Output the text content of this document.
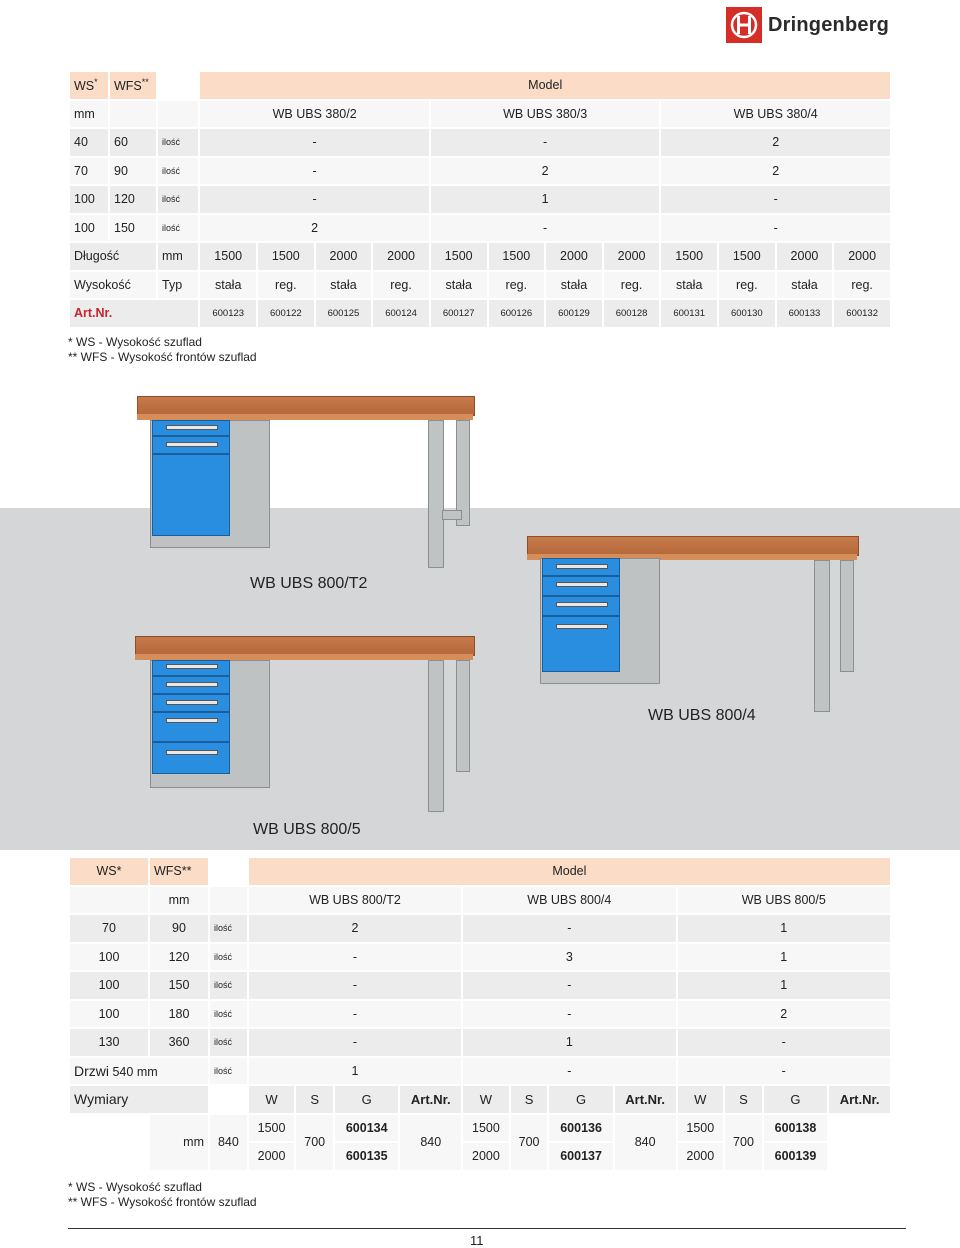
Dringenberg
WS*	WFS**		Model											
mm			WB UBS 380/2				WB UBS 380/3				WB UBS 380/4			
40	60	ilość	-				-				2			
70	90	ilość	-				2				2			
100	120	ilość	-				1				-			
100	150	ilość	2				-				-			
Długość		mm	1500	1500	2000	2000	1500	1500	2000	2000	1500	1500	2000	2000
Wysokość		Typ	stała	reg.	stała	reg.	stała	reg.	stała	reg.	stała	reg.	stała	reg.
Art.Nr.			600123	600122	600125	600124	600127	600126	600129	600128	600131	600130	600133	600132
* WS - Wysokość szuflad
** WFS - Wysokość frontów szuflad
WB UBS 800/T2
WB UBS 800/4
WB UBS 800/5
WS*	WFS**		Model											
	mm		WB UBS 800/T2				WB UBS 800/4				WB UBS 800/5			
70	90	ilość	2				-				1			
100	120	ilość	-				3				1			
100	150	ilość	-				-				1			
100	180	ilość	-				-				2			
130	360	ilość	-				1				-			
Drzwi 540 mm		ilość	1				-				-			
Wymiary			W	S	G	Art.Nr.	W	S	G	Art.Nr.	W	S	G	Art.Nr.
	mm	840	1500	700	600134	840	1500	700	600136	840	1500	700	600138	
			2000		600135		2000		600137		2000		600139	
* WS - Wysokość szuflad
** WFS - Wysokość frontów szuflad
11
